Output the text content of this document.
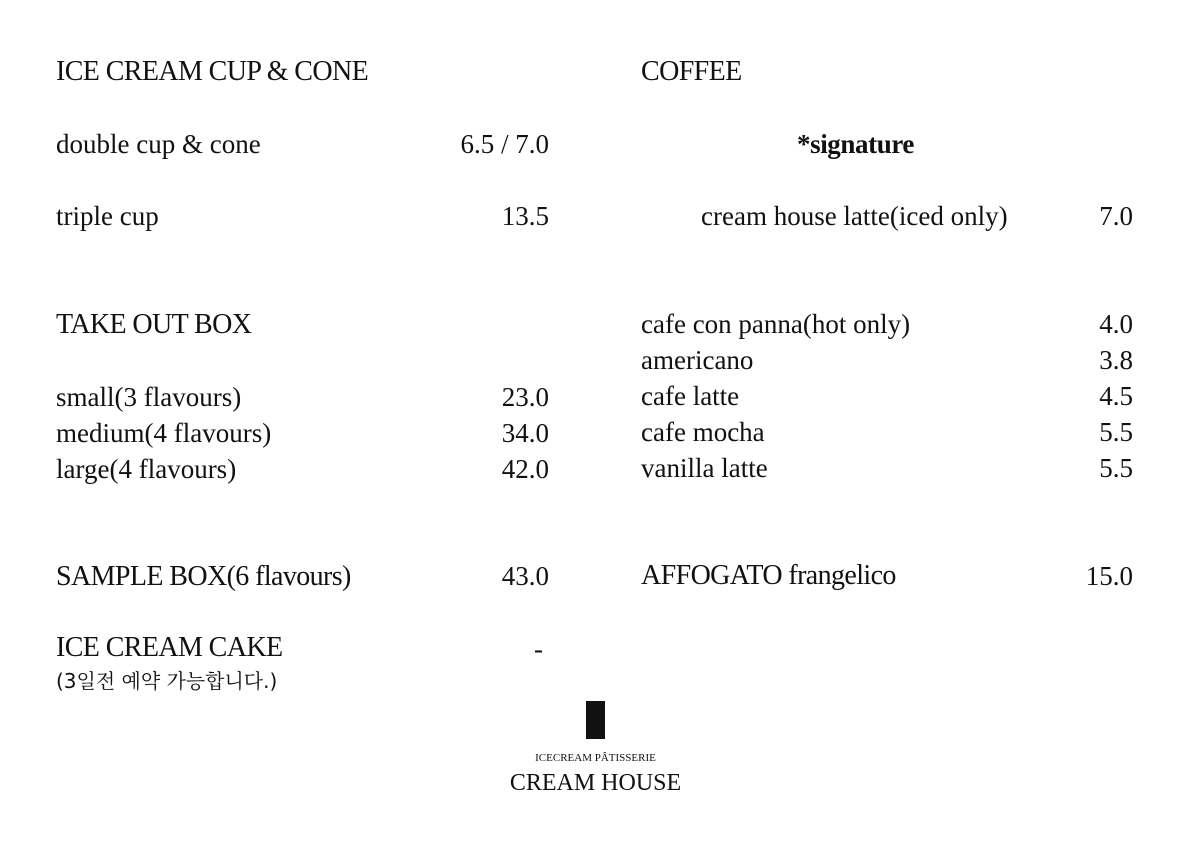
ICE CREAM CUP & CONE
double cup & cone	6.5 / 7.0
triple cup	13.5
TAKE OUT BOX
small(3 flavours)	23.0
medium(4 flavours)	34.0
large(4 flavours)	42.0
SAMPLE BOX(6 flavours)	43.0
ICE CREAM CAKE	-
(3일전 예약 가능합니다.)
COFFEE
*signature
cream house latte(iced only)	7.0
cafe con panna(hot only)	4.0
americano	3.8
cafe latte	4.5
cafe mocha	5.5
vanilla latte	5.5
AFFOGATO frangelico	15.0
ICECREAM PÂTISSERIE
CREAM HOUSE
